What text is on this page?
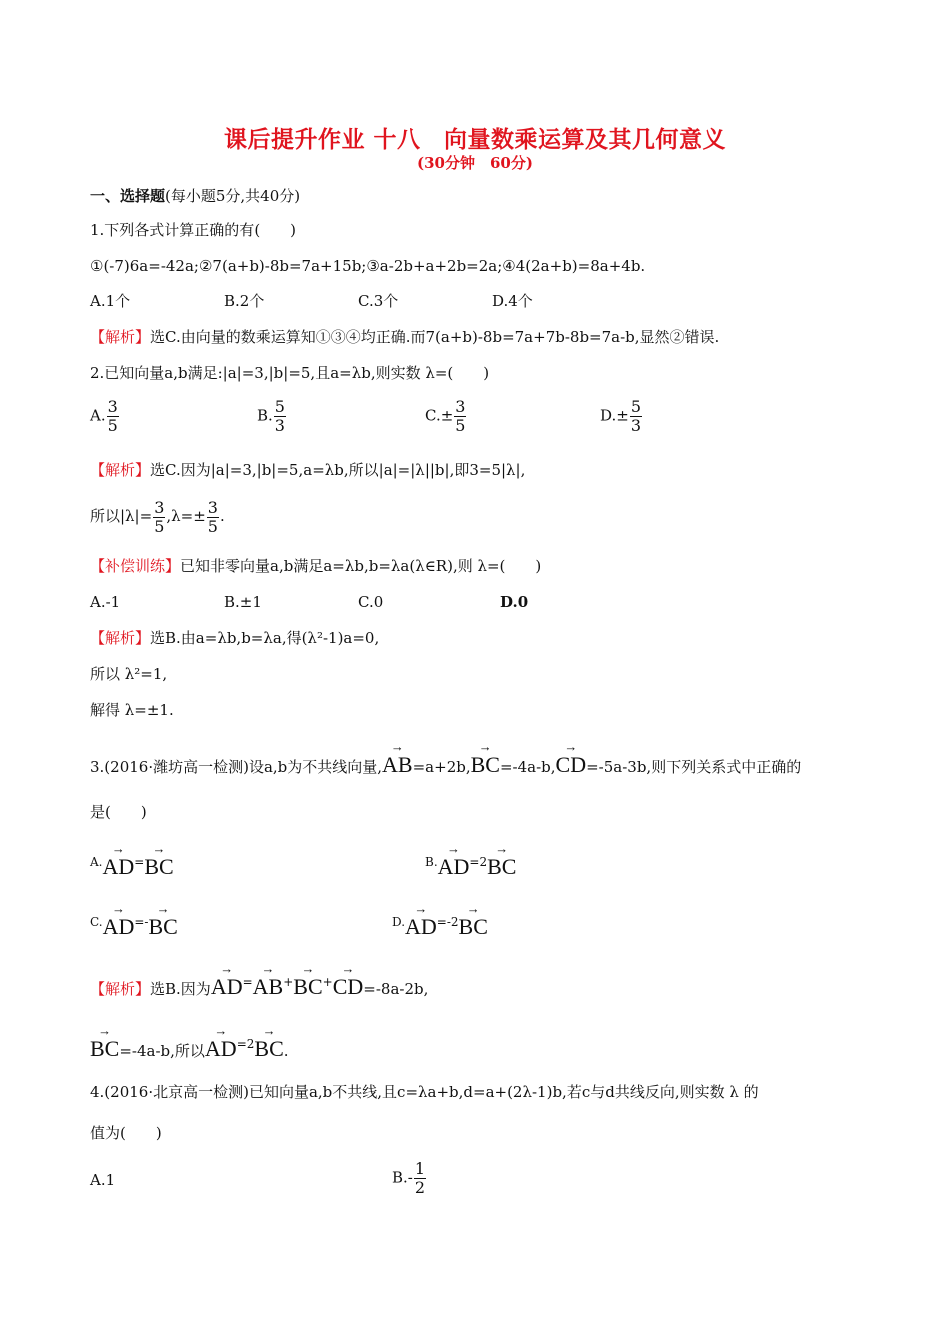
课后提升作业 十八　向量数乘运算及其几何意义
(30分钟　60分)
一、选择题(每小题5分,共40分)
1.下列各式计算正确的有(　　)
①(-7)6a=-42a;②7(a+b)-8b=7a+15b;③a-2b+a+2b=2a;④4(2a+b)=8a+4b.
A.1个	B.2个	C.3个	D.4个
【解析】选C.由向量的数乘运算知①③④均正确.而7(a+b)-8b=7a+7b-8b=7a-b,显然②错误.
2.已知向量a,b满足:|a|=3,|b|=5,且a=λb,则实数 λ=(　　)
A. $\frac{3}{5}$	B. $\frac{5}{3}$	$C.\pm \frac{3}{5}$	$D.\pm \frac{5}{3}$
【解析】选C.因为|a|=3,|b|=5,a=λb,所以|a|=|λ||b|,即3=5|λ|,
所以$|\lambda|= \frac{3}{5} ,\lambda=\pm \frac{3}{5}$ .
【补偿训练】已知非零向量a,b满足a=λb,b=λa(λ∈R),则 λ=(　　)
A.-1	B.±1	C.0	D.0
【解析】选B.由a=λb,b=λa,得(λ²-1)a=0,
所以 λ²=1,
解得 λ=±1.
3.(2016·潍坊高一检测)设a,b为不共线向量,
→
AB=a+2b,
→
BC=-4a-b,
→
CD=-5a-3b,则下列关系式中正确的
是(　　)
$^{A.}$
→
AD=
→
BC	$^{B.}$
→
$AD^{=2}$
→
BC
$^{C.}$
→
AD=-
→
BC	$^{D.}$
→
$AD^{=-2}$
→
BC
【解析】选B.因为
→
AD=
→
AB+
→
BC+
→
CD=-8a-2b,
→
BC=-4a-b,所以
→
$AD^{=2}$
→
BC.
4.(2016·北京高一检测)已知向量a,b不共线,且c=λa+b,d=a+(2λ-1)b,若c与d共线反向,则实数 λ 的
值为(　　)
A.1	$B.- \frac{1}{2}$
